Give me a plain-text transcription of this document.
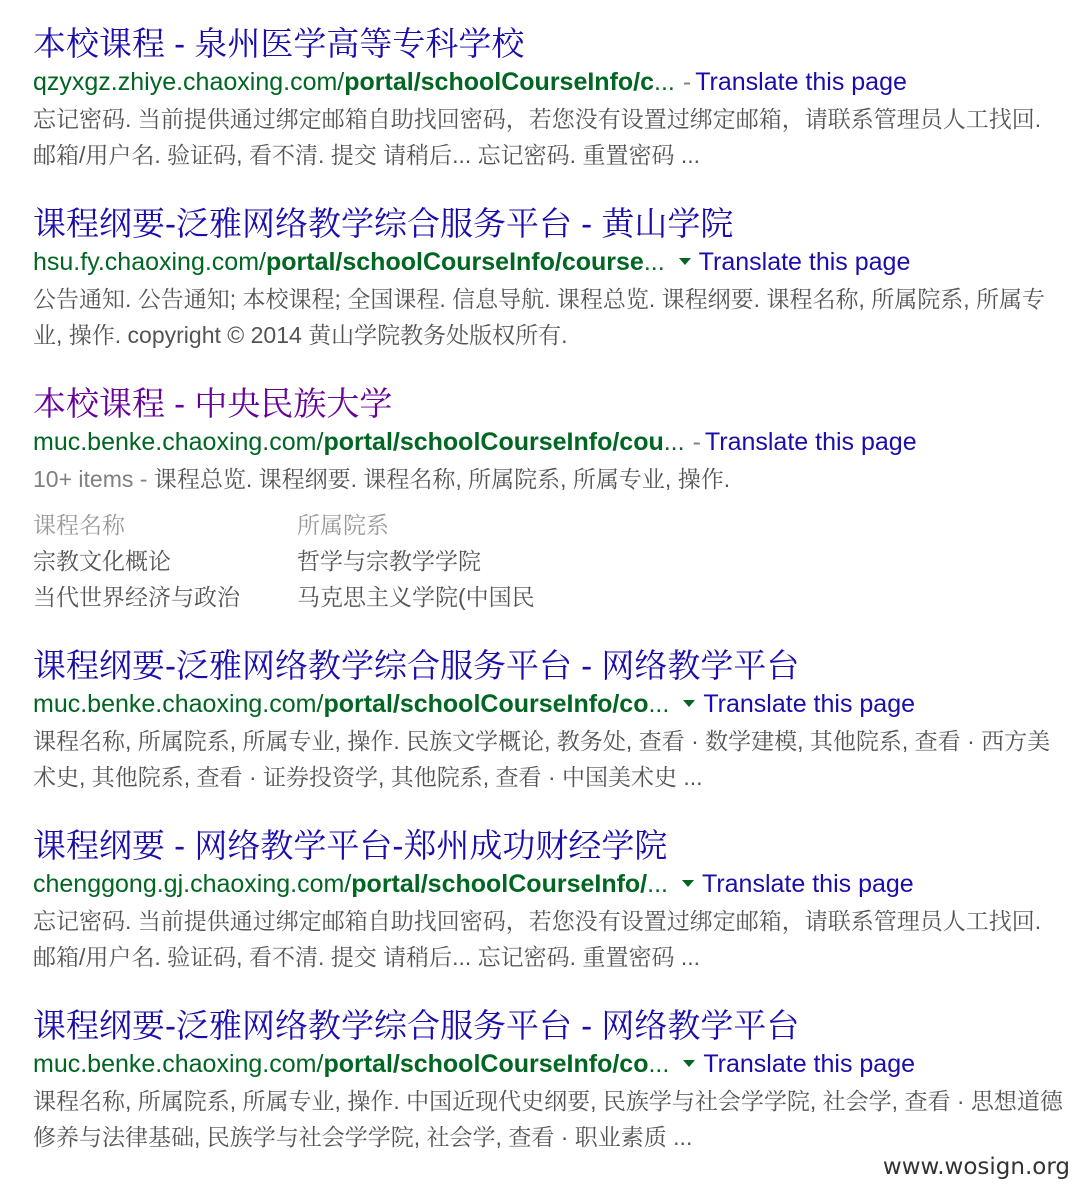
本校课程 - 泉州医学高等专科学校
qzyxgz.zhiye.chaoxing.com/portal/schoolCourseInfo/c... - Translate this page
忘记密码. 当前提供通过绑定邮箱自助找回密码，若您没有设置过绑定邮箱，请联系管理员人工找回. 邮箱/用户名. 验证码, 看不清. 提交 请稍后... 忘记密码. 重置密码 ...
课程纲要-泛雅网络教学综合服务平台 - 黄山学院
hsu.fy.chaoxing.com/portal/schoolCourseInfo/course... Translate this page
公告通知. 公告通知; 本校课程; 全国课程. 信息导航. 课程总览. 课程纲要. 课程名称, 所属院系, 所属专业, 操作. copyright © 2014 黄山学院教务处版权所有.
本校课程 - 中央民族大学
muc.benke.chaoxing.com/portal/schoolCourseInfo/cou... - Translate this page
10+ items - 课程总览. 课程纲要. 课程名称, 所属院系, 所属专业, 操作.
课程名称	所属院系
宗教文化概论	哲学与宗教学学院
当代世界经济与政治	马克思主义学院(中国民
课程纲要-泛雅网络教学综合服务平台 - 网络教学平台
muc.benke.chaoxing.com/portal/schoolCourseInfo/co... Translate this page
课程名称, 所属院系, 所属专业, 操作. 民族文学概论, 教务处, 查看 · 数学建模, 其他院系, 查看 · 西方美术史, 其他院系, 查看 · 证券投资学, 其他院系, 查看 · 中国美术史 ...
课程纲要 - 网络教学平台-郑州成功财经学院
chenggong.gj.chaoxing.com/portal/schoolCourseInfo/... Translate this page
忘记密码. 当前提供通过绑定邮箱自助找回密码，若您没有设置过绑定邮箱，请联系管理员人工找回. 邮箱/用户名. 验证码, 看不清. 提交 请稍后... 忘记密码. 重置密码 ...
课程纲要-泛雅网络教学综合服务平台 - 网络教学平台
muc.benke.chaoxing.com/portal/schoolCourseInfo/co... Translate this page
课程名称, 所属院系, 所属专业, 操作. 中国近现代史纲要, 民族学与社会学学院, 社会学, 查看 · 思想道德修养与法律基础, 民族学与社会学学院, 社会学, 查看 · 职业素质 ...
www.wosign.org
